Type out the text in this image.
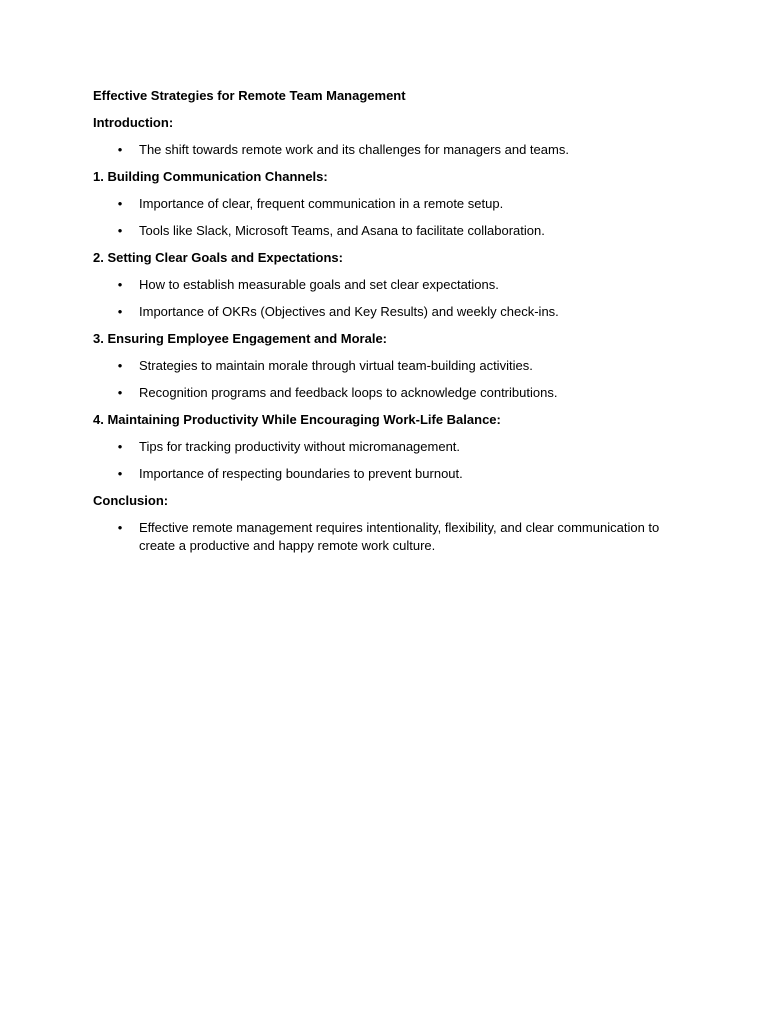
Effective Strategies for Remote Team Management

Introduction:

• The shift towards remote work and its challenges for managers and teams.

1. Building Communication Channels:

• Importance of clear, frequent communication in a remote setup.
• Tools like Slack, Microsoft Teams, and Asana to facilitate collaboration.

2. Setting Clear Goals and Expectations:

• How to establish measurable goals and set clear expectations.
• Importance of OKRs (Objectives and Key Results) and weekly check-ins.

3. Ensuring Employee Engagement and Morale:

• Strategies to maintain morale through virtual team-building activities.
• Recognition programs and feedback loops to acknowledge contributions.

4. Maintaining Productivity While Encouraging Work-Life Balance:

• Tips for tracking productivity without micromanagement.
• Importance of respecting boundaries to prevent burnout.

Conclusion:

• Effective remote management requires intentionality, flexibility, and clear communication to create a productive and happy remote work culture.
